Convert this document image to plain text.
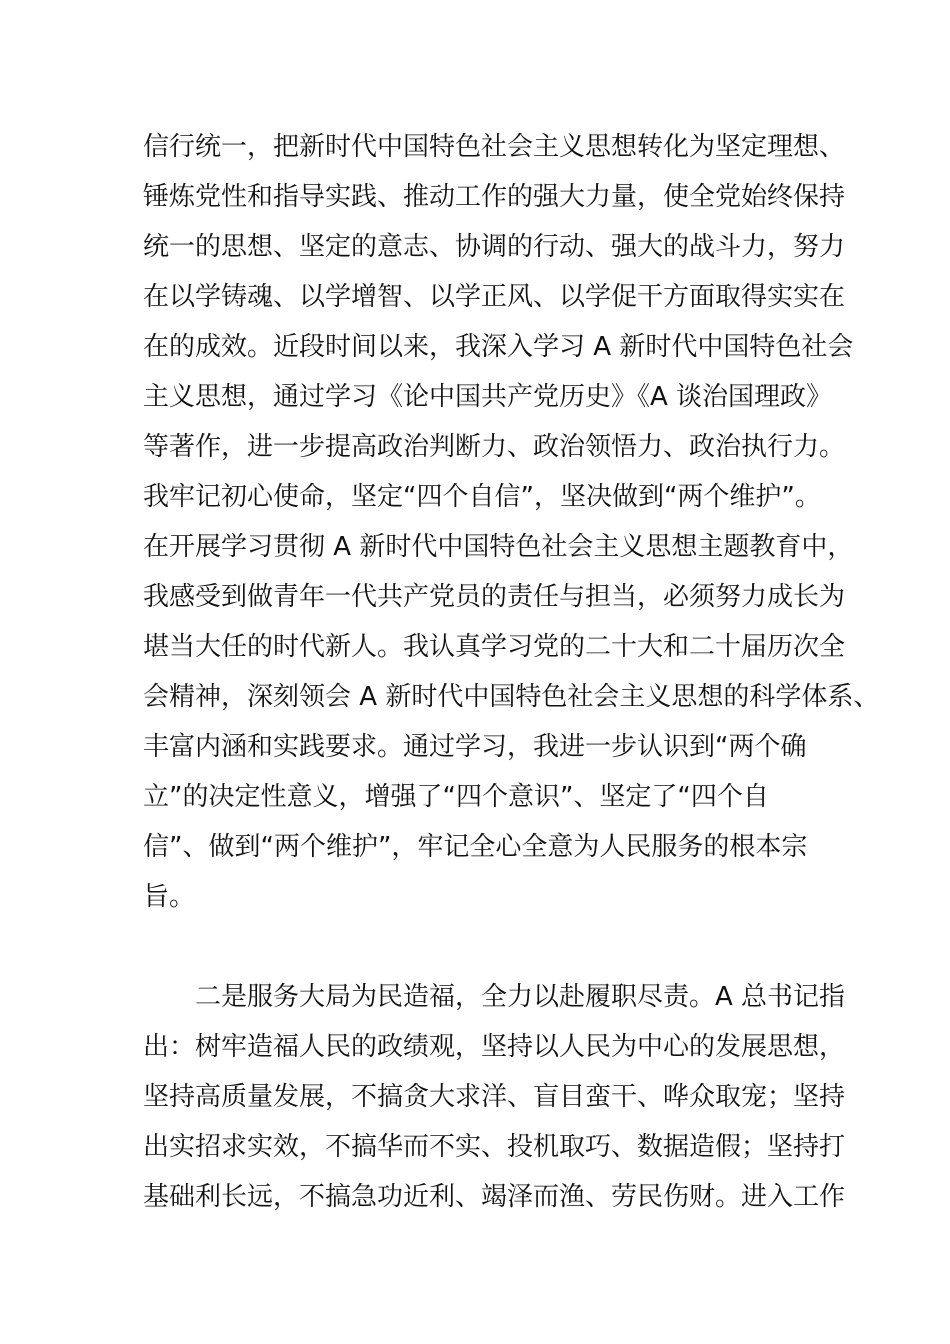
信行统一，把新时代中国特色社会主义思想转化为坚定理想、
锤炼党性和指导实践、推动工作的强大力量，使全党始终保持
统一的思想、坚定的意志、协调的行动、强大的战斗力，努力
在以学铸魂、以学增智、以学正风、以学促干方面取得实实在
在的成效。近段时间以来，我深入学习 A 新时代中国特色社会
主义思想，通过学习《论中国共产党历史》《A 谈治国理政》
等著作，进一步提高政治判断力、政治领悟力、政治执行力。
我牢记初心使命，坚定“四个自信”，坚决做到“两个维护”。
在开展学习贯彻 A 新时代中国特色社会主义思想主题教育中，
我感受到做青年一代共产党员的责任与担当，必须努力成长为
堪当大任的时代新人。我认真学习党的二十大和二十届历次全
会精神，深刻领会 A 新时代中国特色社会主义思想的科学体系、
丰富内涵和实践要求。通过学习，我进一步认识到“两个确
立”的决定性意义，增强了“四个意识”、坚定了“四个自
信”、做到“两个维护”，牢记全心全意为人民服务的根本宗
旨。
　　二是服务大局为民造福，全力以赴履职尽责。A 总书记指
出：树牢造福人民的政绩观，坚持以人民为中心的发展思想，
坚持高质量发展，不搞贪大求洋、盲目蛮干、哗众取宠；坚持
出实招求实效，不搞华而不实、投机取巧、数据造假；坚持打
基础利长远，不搞急功近利、竭泽而渔、劳民伤财。进入工作
